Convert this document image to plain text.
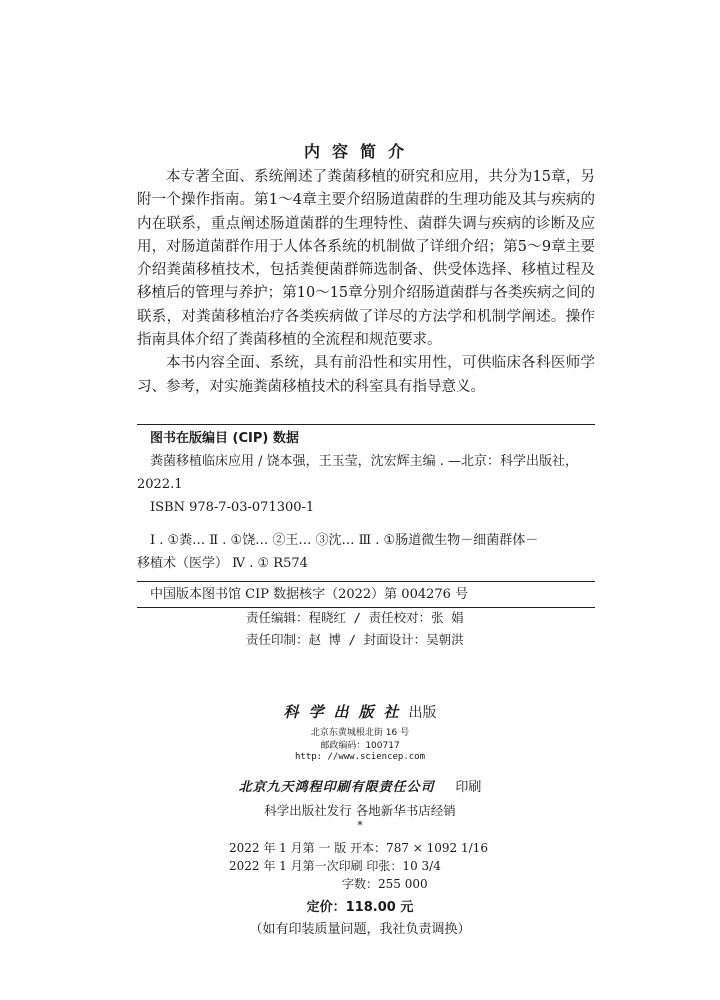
内容简介

本专著全面、系统阐述了粪菌移植的研究和应用，共分为15章，另附一个操作指南。第1～4章主要介绍肠道菌群的生理功能及其与疾病的内在联系，重点阐述肠道菌群的生理特性、菌群失调与疾病的诊断及应用，对肠道菌群作用于人体各系统的机制做了详细介绍；第5～9章主要介绍粪菌移植技术，包括粪便菌群筛选制备、供受体选择、移植过程及移植后的管理与养护；第10～15章分别介绍肠道菌群与各类疾病之间的联系，对粪菌移植治疗各类疾病做了详尽的方法学和机制学阐述。操作指南具体介绍了粪菌移植的全流程和规范要求。

本书内容全面、系统，具有前沿性和实用性，可供临床各科医师学习、参考，对实施粪菌移植技术的科室具有指导意义。

图书在版编目 (CIP) 数据
粪菌移植临床应用 / 饶本强，王玉莹，沈宏辉主编 . —北京：科学出版社，
2022.1
ISBN 978-7-03-071300-1
Ⅰ . ①粪… Ⅱ . ①饶… ②王… ③沈… Ⅲ . ①肠道微生物－细菌群体－
移植术（医学） Ⅳ . ① R574
中国版本图书馆 CIP 数据核字（2022）第 004276 号
责任编辑：程晓红 / 责任校对：张 娟
责任印制：赵 博 / 封面设计：吴朝洪
科学出版社出版
北京东黄城根北街 16 号
邮政编码：100717
http: //www.sciencep.com
北京九天鸿程印刷有限责任公司 印刷
科学出版社发行 各地新华书店经销
*
2022 年 1 月第 一 版 开本：787 × 1092 1/16
2022 年 1 月第一次印刷 印张：10 3/4
字数：255 000
定价：118.00 元
（如有印装质量问题，我社负责调换）
